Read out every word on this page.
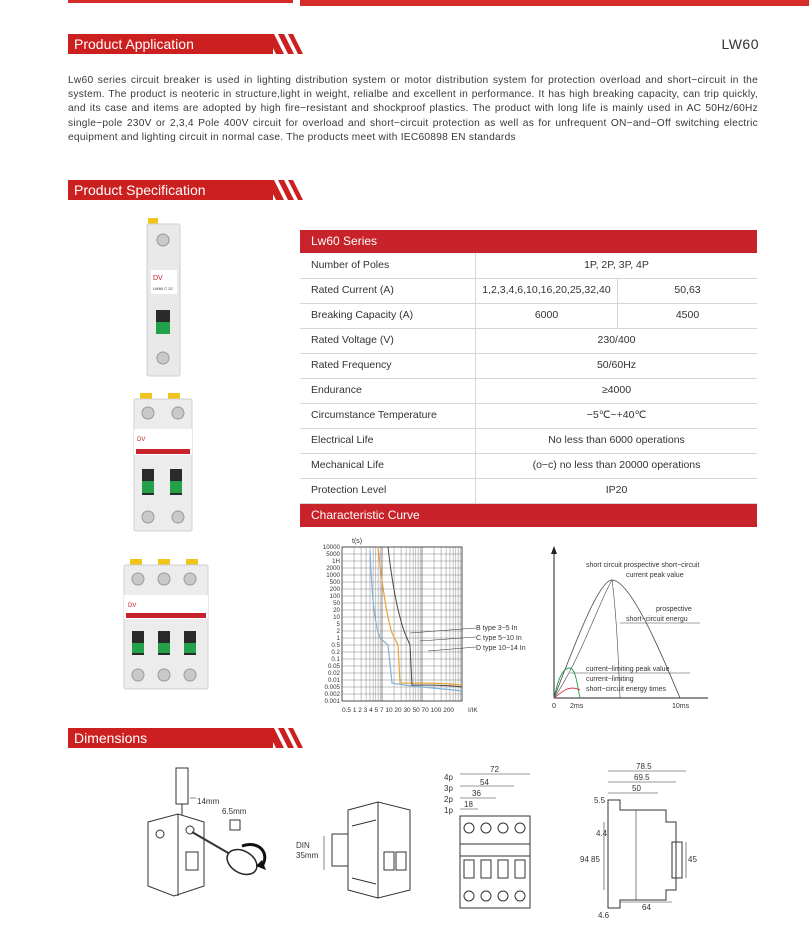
Product Application	LW60
Lw60 series circuit breaker is used in lighting distribution system or motor distribution system for protection overload and short−circuit in the system. The product is neoteric in structure,light in weight, relialbe and excellent in performance. It has high breaking capacity, can trip quickly, and its case and items are adopted by high fire−resistant and shockproof plastics. The product with long life is mainly used in AC 50Hz/60Hz single−pole 230V or 2,3,4 Pole 400V circuit for overload and short−circuit protection as well as for unfrequent ON−and−Off switching electric equipment and lighting circuit in normal case. The products meet with IEC60898 EN standards
Product Specification
DV
LW60 C 32
DV
DV
Lw60 Series
Number of Poles	1P, 2P, 3P, 4P
Rated Current (A)	1,2,3,4,6,10,16,20,25,32,40	50,63
Breaking Capacity (A)	6000	4500
Rated Voltage (V)	230/400
Rated Frequency	50/60Hz
Endurance	≥4000
Circumstance Temperature	−5℃~+40℃
Electrical Life	No less than 6000 operations
Mechanical Life	(o−c) no less than 20000 operations
Protection Level	IP20
Characteristic Curve
t(s)
10000
5000
1H
2000
1000
500
200
100
50
20
10
5
2
1
0.5
0.2
0.1
0.05
0.02
0.01
0.005
0.002
0.001
0.5 1 2 3 4 5 7 10 20 30 50 70 100 200 I/IK
B type 3−5 In
C type 5−10 In
D type 10−14 In
short circuit prospective short−circuit
current peak value
prospective
short−circuit energu
current−limiting peak value
current−limiting
short−circuit energy times
0 2ms	10ms
Dimensions
14mm
6.5mm
DIN
35mm
72
4p
54
3p
36
2p
18
1p
78.5
69.5
50
5.5
4.4
94 85	45
64
4.6
